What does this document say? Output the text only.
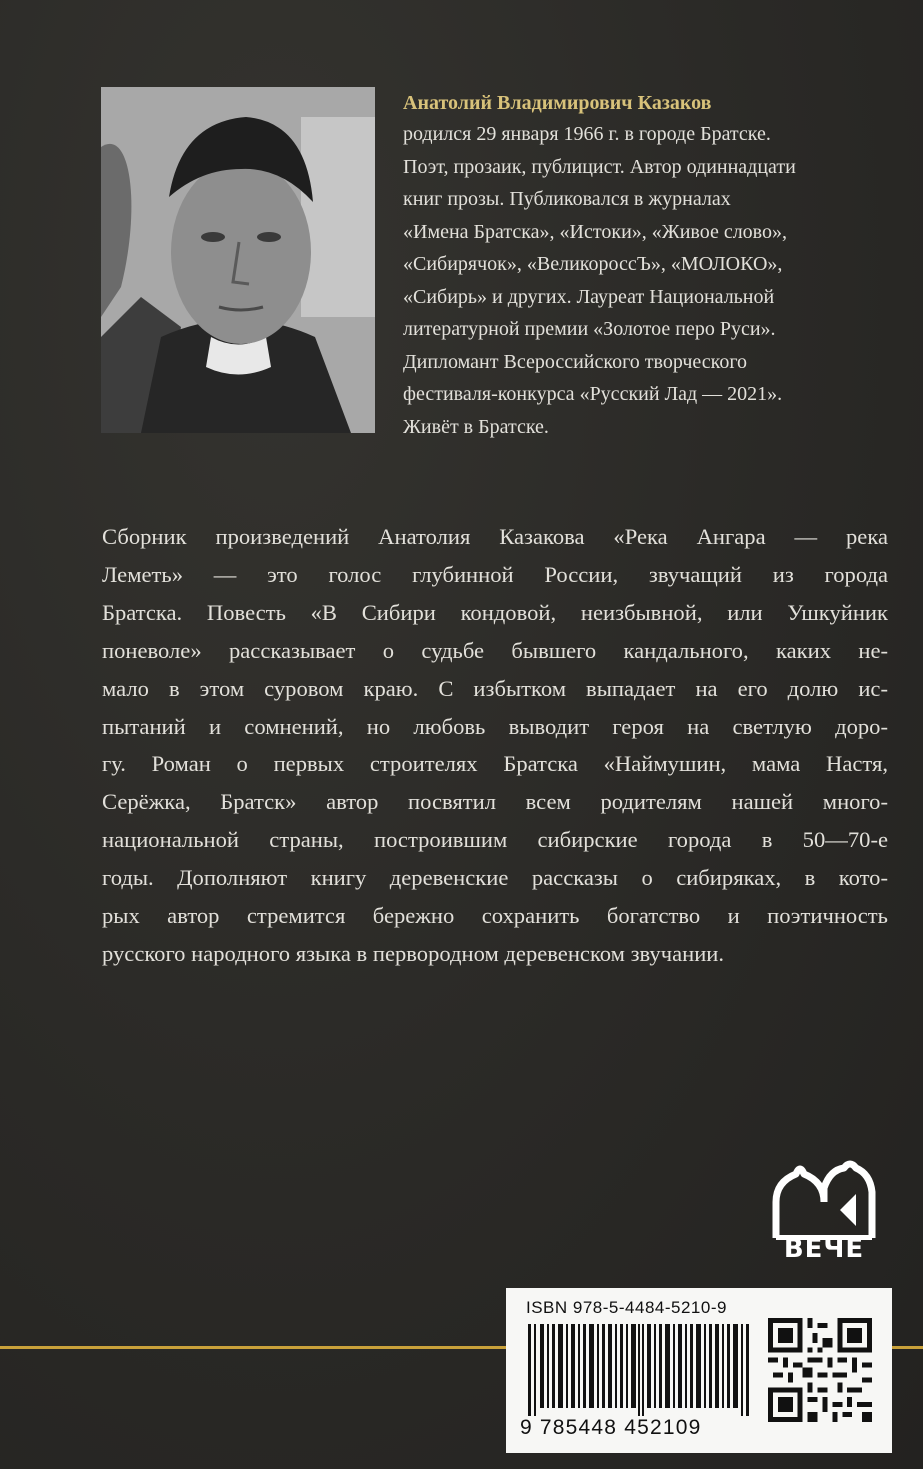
Анатолий Владимирович Казаков
родился 29 января 1966 г. в городе Братске.
Поэт, прозаик, публицист. Автор одиннадцати
книг прозы. Публиковался в журналах
«Имена Братска», «Истоки», «Живое слово»,
«Сибирячок», «ВеликороссЪ», «МОЛОКО»,
«Сибирь» и других. Лауреат Национальной
литературной премии «Золотое перо Руси».
Дипломант Всероссийского творческого
фестиваля-конкурса «Русский Лад — 2021».
Живёт в Братске.
Сборник произведений Анатолия Казакова «Река Ангара — река
Леметь» — это голос глубинной России, звучащий из города
Братска. Повесть «В Сибири кондовой, неизбывной, или Ушкуйник
поневоле» рассказывает о судьбе бывшего кандального, каких не-
мало в этом суровом краю. С избытком выпадает на его долю ис-
пытаний и сомнений, но любовь выводит героя на светлую доро-
гу. Роман о первых строителях Братска «Наймушин, мама Настя,
Серёжка, Братск» автор посвятил всем родителям нашей много-
национальной страны, построившим сибирские города в 50—70-е
годы. Дополняют книгу деревенские рассказы о сибиряках, в кото-
рых автор стремится бережно сохранить богатство и поэтичность
русского народного языка в первородном деревенском звучании.
ВЕЧЕ
ISBN 978-5-4484-5210-9
9 785448 452109
